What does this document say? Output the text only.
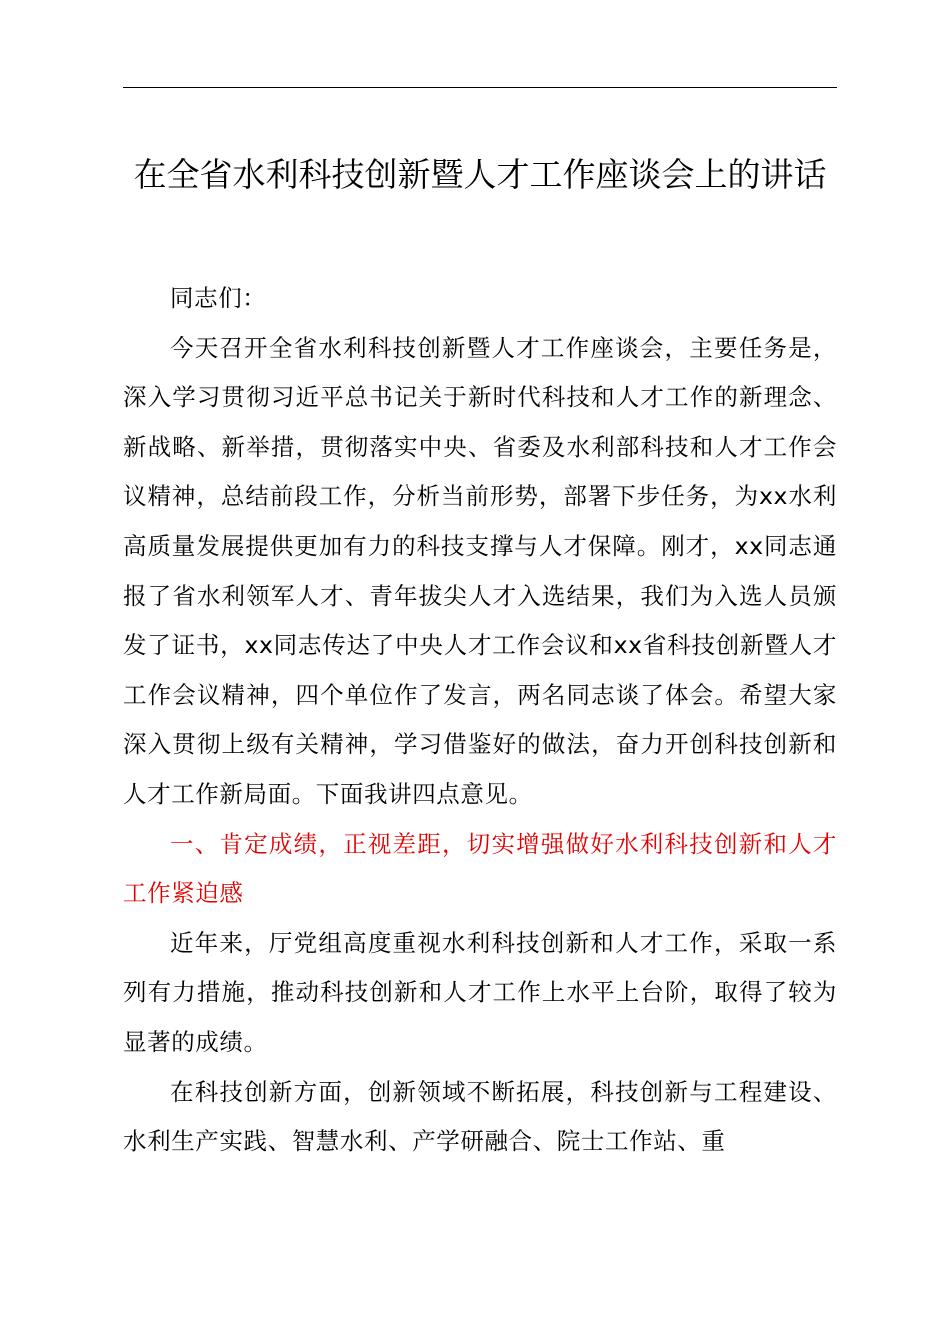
在全省水利科技创新暨人才工作座谈会上的讲话

同志们：

今天召开全省水利科技创新暨人才工作座谈会，主要任务是，深入学习贯彻习近平总书记关于新时代科技和人才工作的新理念、新战略、新举措，贯彻落实中央、省委及水利部科技和人才工作会议精神，总结前段工作，分析当前形势，部署下步任务，为xx水利高质量发展提供更加有力的科技支撑与人才保障。刚才，xx同志通报了省水利领军人才、青年拔尖人才入选结果，我们为入选人员颁发了证书，xx同志传达了中央人才工作会议和xx省科技创新暨人才工作会议精神，四个单位作了发言，两名同志谈了体会。希望大家深入贯彻上级有关精神，学习借鉴好的做法，奋力开创科技创新和人才工作新局面。下面我讲四点意见。

一、肯定成绩，正视差距，切实增强做好水利科技创新和人才工作紧迫感

近年来，厅党组高度重视水利科技创新和人才工作，采取一系列有力措施，推动科技创新和人才工作上水平上台阶，取得了较为显著的成绩。

在科技创新方面，创新领域不断拓展，科技创新与工程建设、水利生产实践、智慧水利、产学研融合、院士工作站、重
